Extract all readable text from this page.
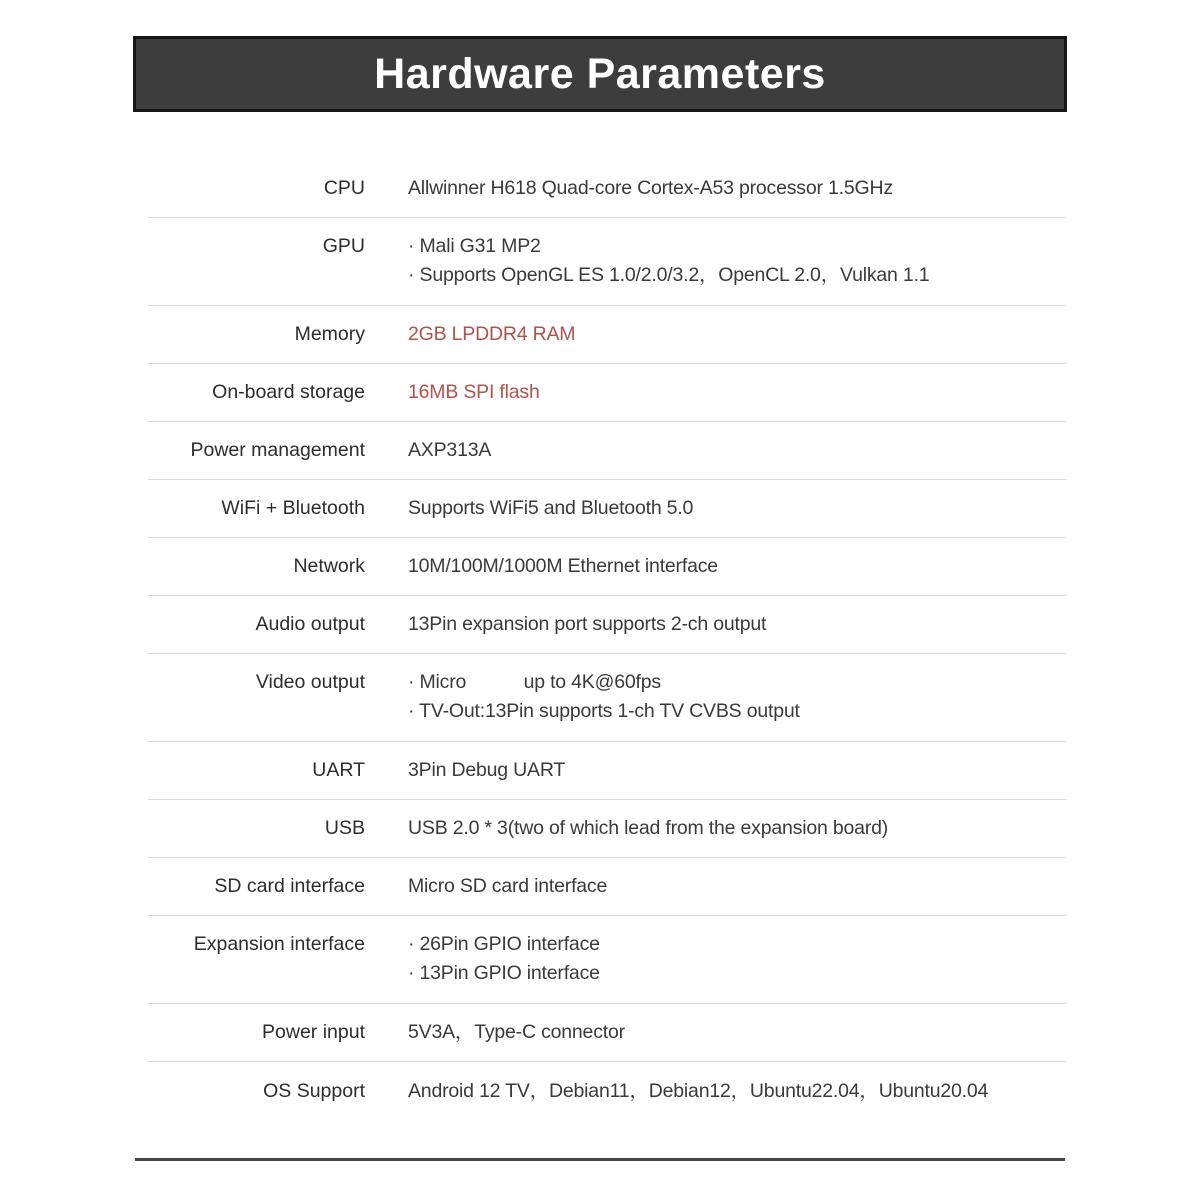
Hardware Parameters
CPU Allwinner H618 Quad-core Cortex-A53 processor 1.5GHz
GPU · Mali G31 MP2
· Supports OpenGL ES 1.0/2.0/3.2，OpenCL 2.0，Vulkan 1.1
Memory 2GB LPDDR4 RAM
On-board storage 16MB SPI flash
Power management AXP313A
WiFi + Bluetooth Supports WiFi5 and Bluetooth 5.0
Network 10M/100M/1000M Ethernet interface
Audio output 13Pin expansion port supports 2-ch output
Video output · Micro           up to 4K@60fps
· TV-Out:13Pin supports 1-ch TV CVBS output
UART 3Pin Debug UART
USB USB 2.0 * 3(two of which lead from the expansion board)
SD card interface Micro SD card interface
Expansion interface · 26Pin GPIO interface
· 13Pin GPIO interface
Power input 5V3A，Type-C connector
OS Support Android 12 TV，Debian11，Debian12，Ubuntu22.04，Ubuntu20.04
